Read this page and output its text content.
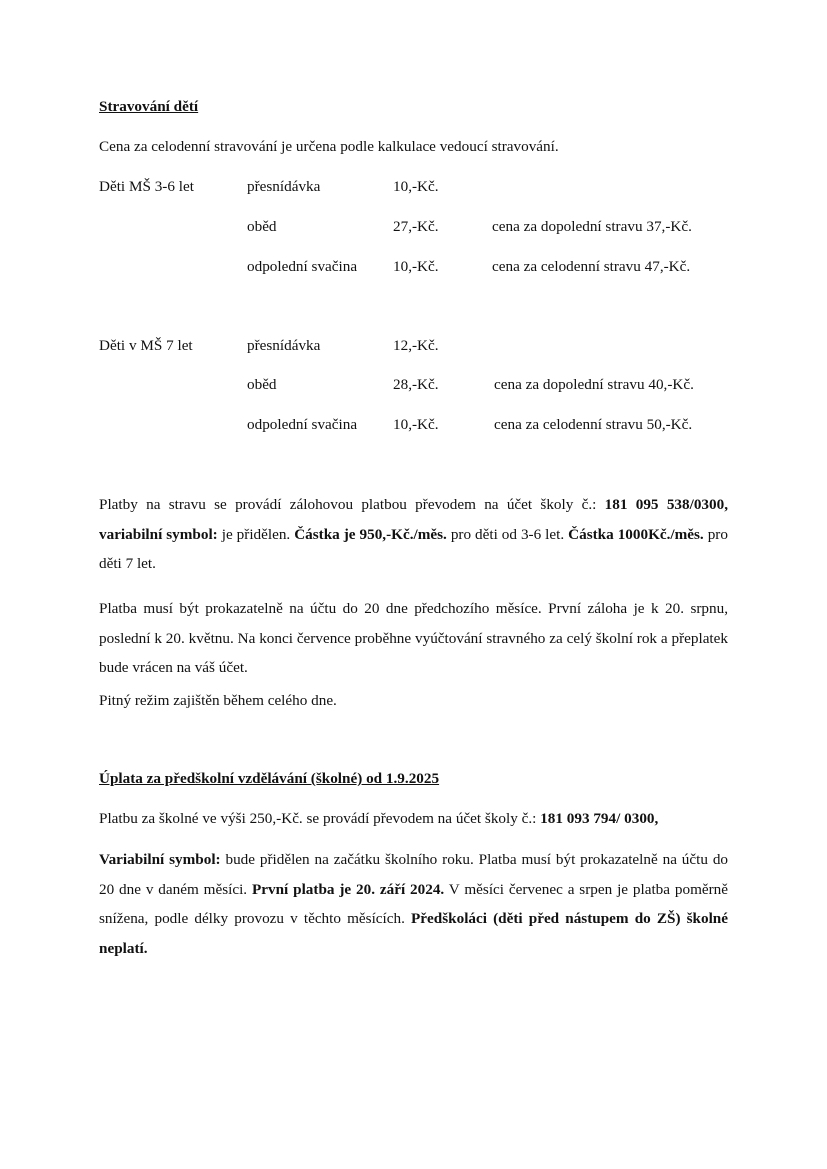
Stravování dětí
Cena za celodenní stravování je určena podle kalkulace vedoucí stravování.
Děti MŠ 3-6 let	přesnídávka	10,-Kč.
oběd	27,-Kč.	cena za dopolední stravu 37,-Kč.
odpolední svačina 10,-Kč.	cena za celodenní stravu 47,-Kč.
Děti v MŠ 7 let	přesnídávka	12,-Kč.
oběd	28,-Kč.	cena za dopolední stravu 40,-Kč.
odpolední svačina 10,-Kč.	cena za celodenní stravu 50,-Kč.
Platby na stravu se provádí zálohovou platbou převodem na účet školy č.: 181 095 538/0300, variabilní symbol: je přidělen. Částka je 950,-Kč./měs. pro děti od 3-6 let. Částka 1000Kč./měs. pro děti 7 let.
Platba musí být prokazatelně na účtu do 20 dne předchozího měsíce. První záloha je k 20. srpnu, poslední k 20. květnu. Na konci července proběhne vyúčtování stravného za celý školní rok a přeplatek bude vrácen na váš účet.
Pitný režim zajištěn během celého dne.
Úplata za předškolní vzdělávání (školné) od 1.9.2025
Platbu za školné ve výši 250,-Kč. se provádí převodem na účet školy č.: 181 093 794/ 0300,
Variabilní symbol: bude přidělen na začátku školního roku. Platba musí být prokazatelně na účtu do 20 dne v daném měsíci. První platba je 20. září 2024. V měsíci červenec a srpen je platba poměrně snížena, podle délky provozu v těchto měsících. Předškoláci (děti před nástupem do ZŠ) školné neplatí.
